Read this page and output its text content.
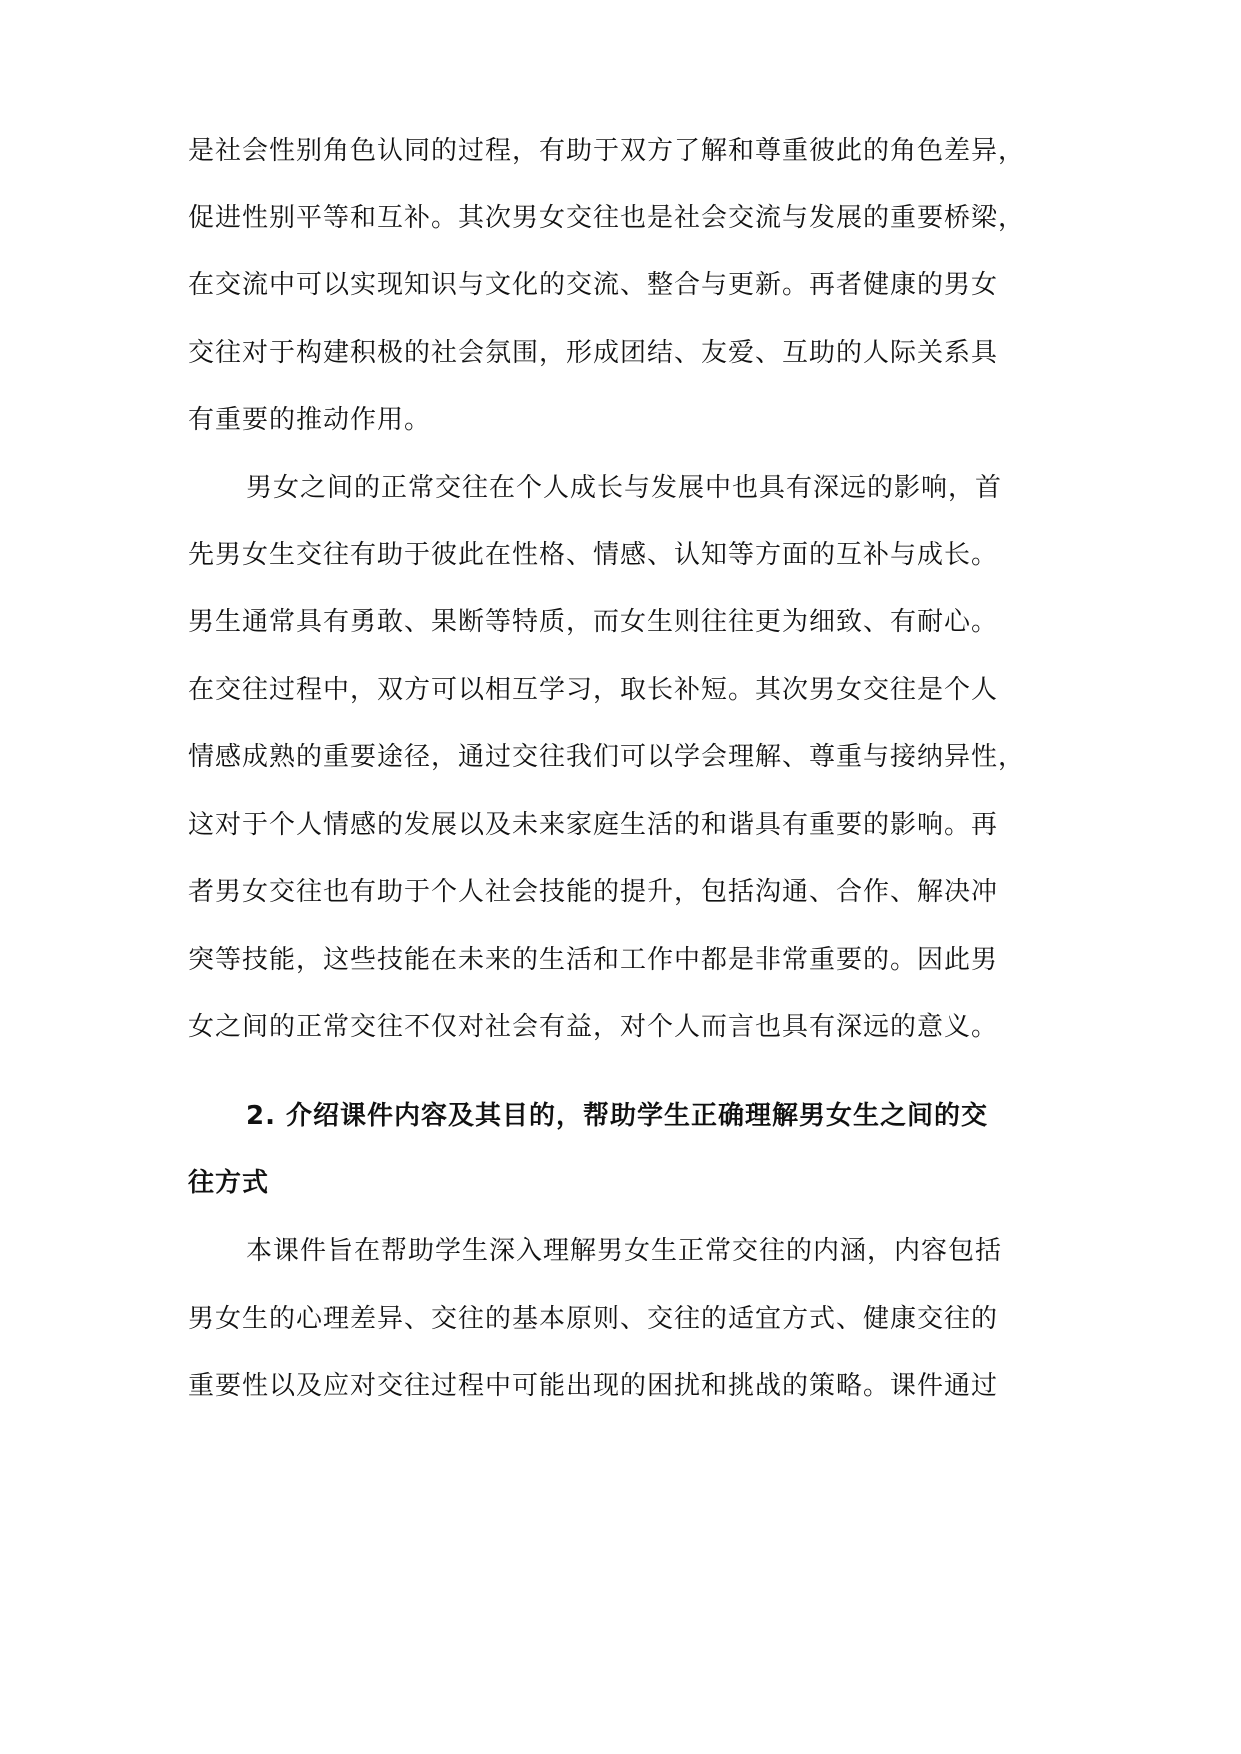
是社会性别角色认同的过程，有助于双方了解和尊重彼此的角色差异，
促进性别平等和互补。其次男女交往也是社会交流与发展的重要桥梁，
在交流中可以实现知识与文化的交流、整合与更新。再者健康的男女
交往对于构建积极的社会氛围，形成团结、友爱、互助的人际关系具
有重要的推动作用。
男女之间的正常交往在个人成长与发展中也具有深远的影响，首
先男女生交往有助于彼此在性格、情感、认知等方面的互补与成长。
男生通常具有勇敢、果断等特质，而女生则往往更为细致、有耐心。
在交往过程中，双方可以相互学习，取长补短。其次男女交往是个人
情感成熟的重要途径，通过交往我们可以学会理解、尊重与接纳异性，
这对于个人情感的发展以及未来家庭生活的和谐具有重要的影响。再
者男女交往也有助于个人社会技能的提升，包括沟通、合作、解决冲
突等技能，这些技能在未来的生活和工作中都是非常重要的。因此男
女之间的正常交往不仅对社会有益，对个人而言也具有深远的意义。
2. 介绍课件内容及其目的，帮助学生正确理解男女生之间的交
往方式
本课件旨在帮助学生深入理解男女生正常交往的内涵，内容包括
男女生的心理差异、交往的基本原则、交往的适宜方式、健康交往的
重要性以及应对交往过程中可能出现的困扰和挑战的策略。课件通过
